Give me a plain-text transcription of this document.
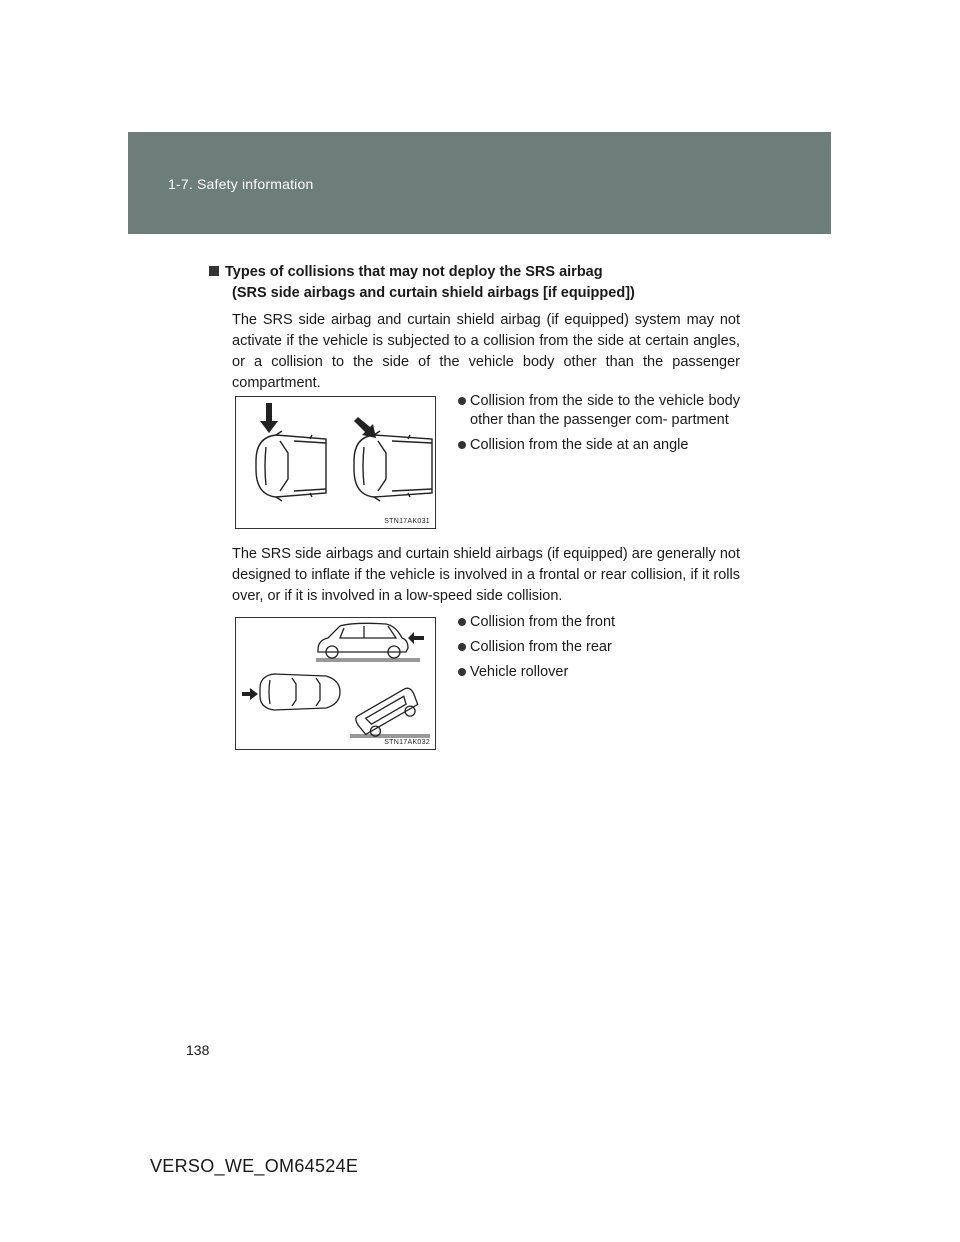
1-7. Safety information
Types of collisions that may not deploy the SRS airbag
(SRS side airbags and curtain shield airbags [if equipped])
The SRS side airbag and curtain shield airbag (if equipped) system may not activate if the vehicle is subjected to a collision from the side at certain angles, or a collision to the side of the vehicle body other than the passenger compartment.
STN17AK031
Collision from the side to the vehicle body other than the passenger com- partment
Collision from the side at an angle
The SRS side airbags and curtain shield airbags (if equipped) are generally not designed to inflate if the vehicle is involved in a frontal or rear collision, if it rolls over, or if it is involved in a low-speed side collision.
STN17AK032
Collision from the front
Collision from the rear
Vehicle rollover
138
VERSO_WE_OM64524E
